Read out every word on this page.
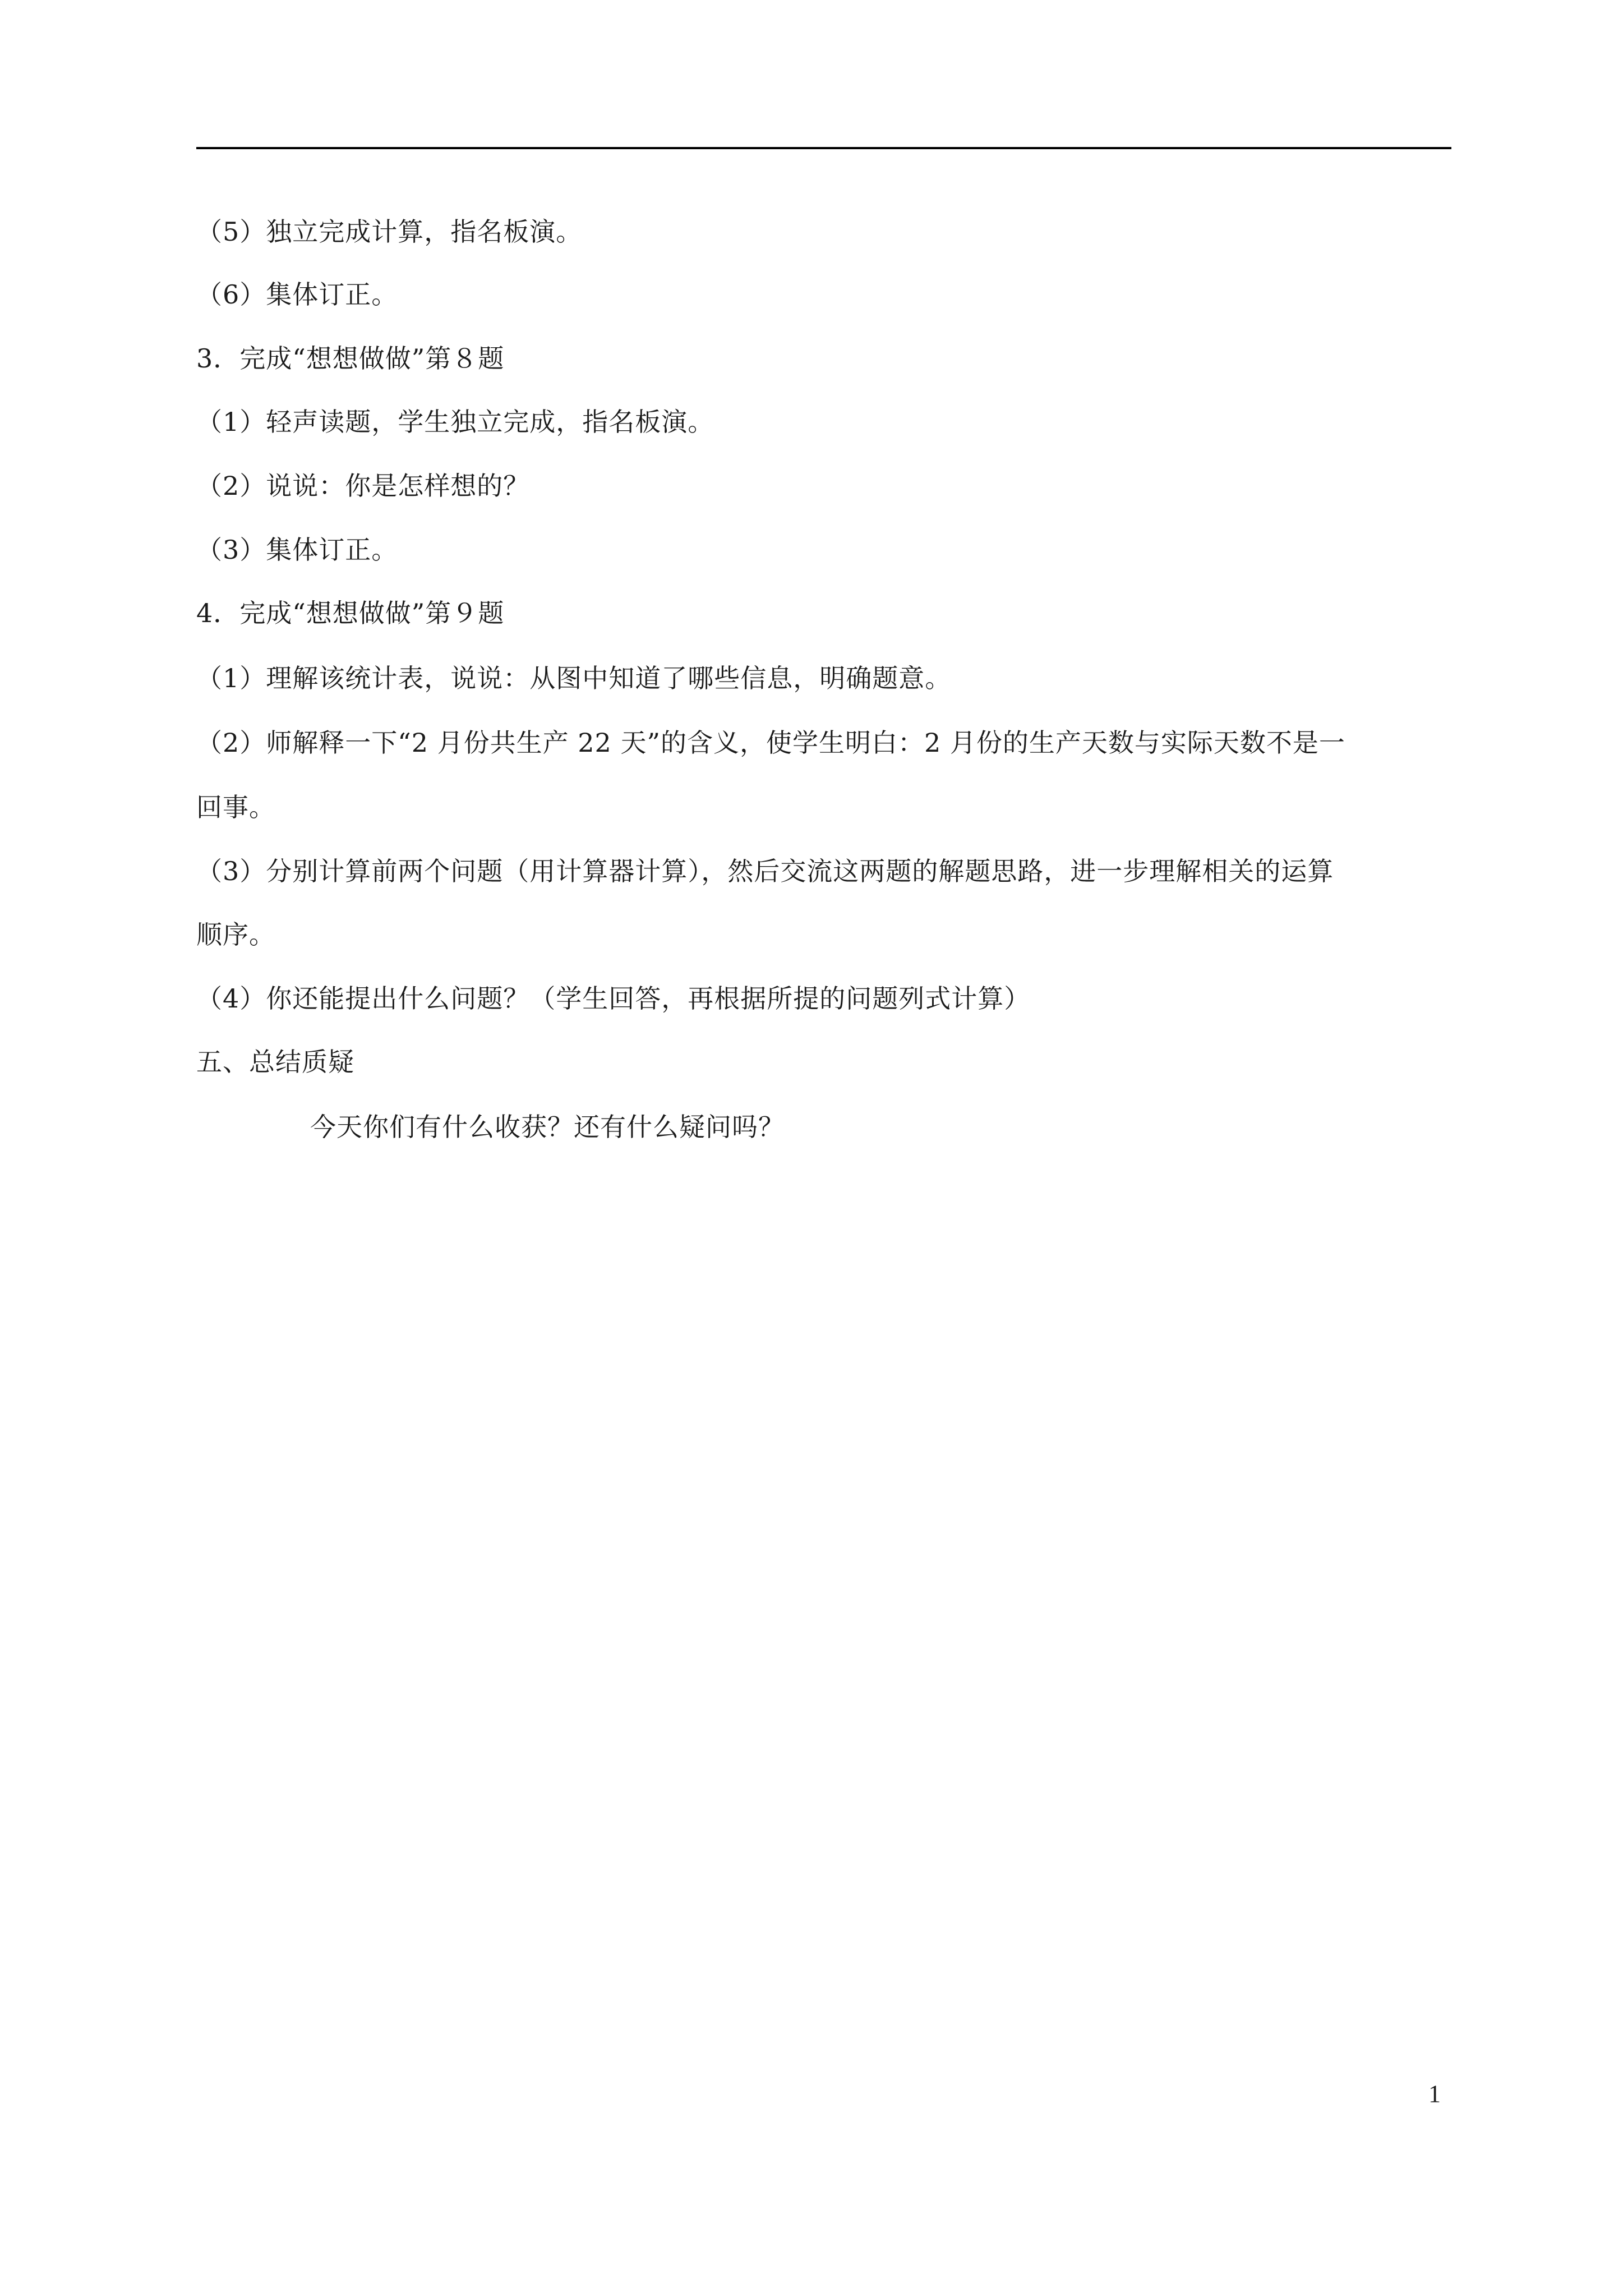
（5）独立完成计算，指名板演。
（6）集体订正。
3．完成“想想做做”第８题
（1）轻声读题，学生独立完成，指名板演。
（2）说说：你是怎样想的？
（3）集体订正。
4．完成“想想做做”第９题
（1）理解该统计表，说说：从图中知道了哪些信息，明确题意。
（2）师解释一下“2 月份共生产 22 天”的含义，使学生明白：2 月份的生产天数与实际天数不是一
回事。
（3）分别计算前两个问题（用计算器计算），然后交流这两题的解题思路，进一步理解相关的运算
顺序。
（4）你还能提出什么问题？（学生回答，再根据所提的问题列式计算）
五、总结质疑
今天你们有什么收获？还有什么疑问吗？
1
